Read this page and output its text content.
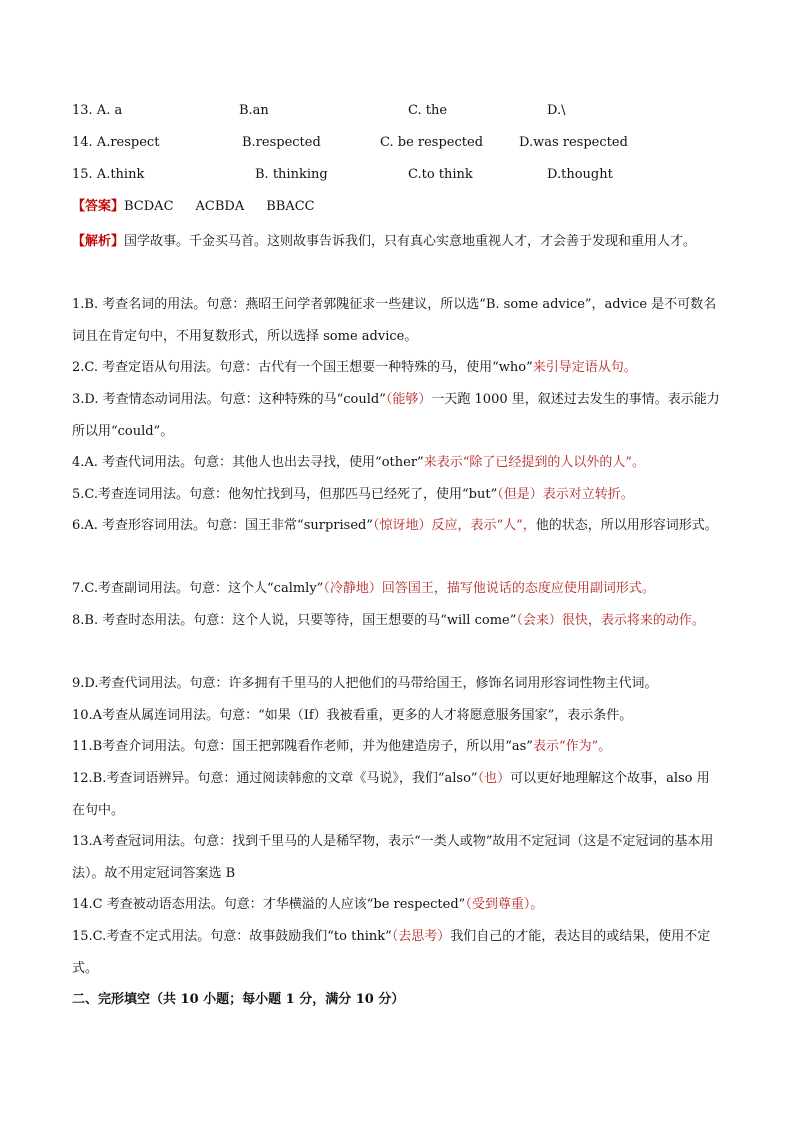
13. A. a	B.an	C. the	D.\
14. A.respect	B.respected	C. be respected	D.was respected
15. A.think	B. thinking	C.to think	D.thought
【答案】BCDAC ACBDA BBACC
【解析】国学故事。千金买马首。这则故事告诉我们，只有真心实意地重视人才，才会善于发现和重用人才。
1.B. 考查名词的用法。句意：燕昭王问学者郭隗征求一些建议，所以选“B. some advice”，advice 是不可数名词且在肯定句中，不用复数形式，所以选择 some advice。
2.C. 考查定语从句用法。句意：古代有一个国王想要一种特殊的马，使用“who”来引导定语从句。
3.D. 考查情态动词用法。句意：这种特殊的马“could”（能够）一天跑 1000 里，叙述过去发生的事情。表示能力所以用“could”。
4.A. 考查代词用法。句意：其他人也出去寻找，使用“other”来表示“除了已经提到的人以外的人”。
5.C.考查连词用法。句意：他匆忙找到马，但那匹马已经死了，使用“but”（但是）表示对立转折。
6.A. 考查形容词用法。句意：国王非常“surprised”（惊讶地）反应，表示“人”，他的状态，所以用形容词形式。
7.C.考查副词用法。句意：这个人“calmly”（冷静地）回答国王，描写他说话的态度应使用副词形式。
8.B. 考查时态用法。句意：这个人说，只要等待，国王想要的马“will come”（会来）很快，表示将来的动作。
9.D.考查代词用法。句意：许多拥有千里马的人把他们的马带给国王，修饰名词用形容词性物主代词。
10.A考查从属连词用法。句意：“如果（If）我被看重，更多的人才将愿意服务国家”，表示条件。
11.B考查介词用法。句意：国王把郭隗看作老师，并为他建造房子，所以用“as”表示“作为”。
12.B.考查词语辨异。句意：通过阅读韩愈的文章《马说》，我们“also”（也）可以更好地理解这个故事，also 用在句中。
13.A考查冠词用法。句意：找到千里马的人是稀罕物，表示“一类人或物”故用不定冠词（这是不定冠词的基本用法）。故不用定冠词答案选 B
14.C 考查被动语态用法。句意：才华横溢的人应该“be respected”（受到尊重）。
15.C.考查不定式用法。句意：故事鼓励我们“to think”（去思考）我们自己的才能，表达目的或结果，使用不定式。
二、完形填空（共 10 小题；每小题 1 分，满分 10 分）
